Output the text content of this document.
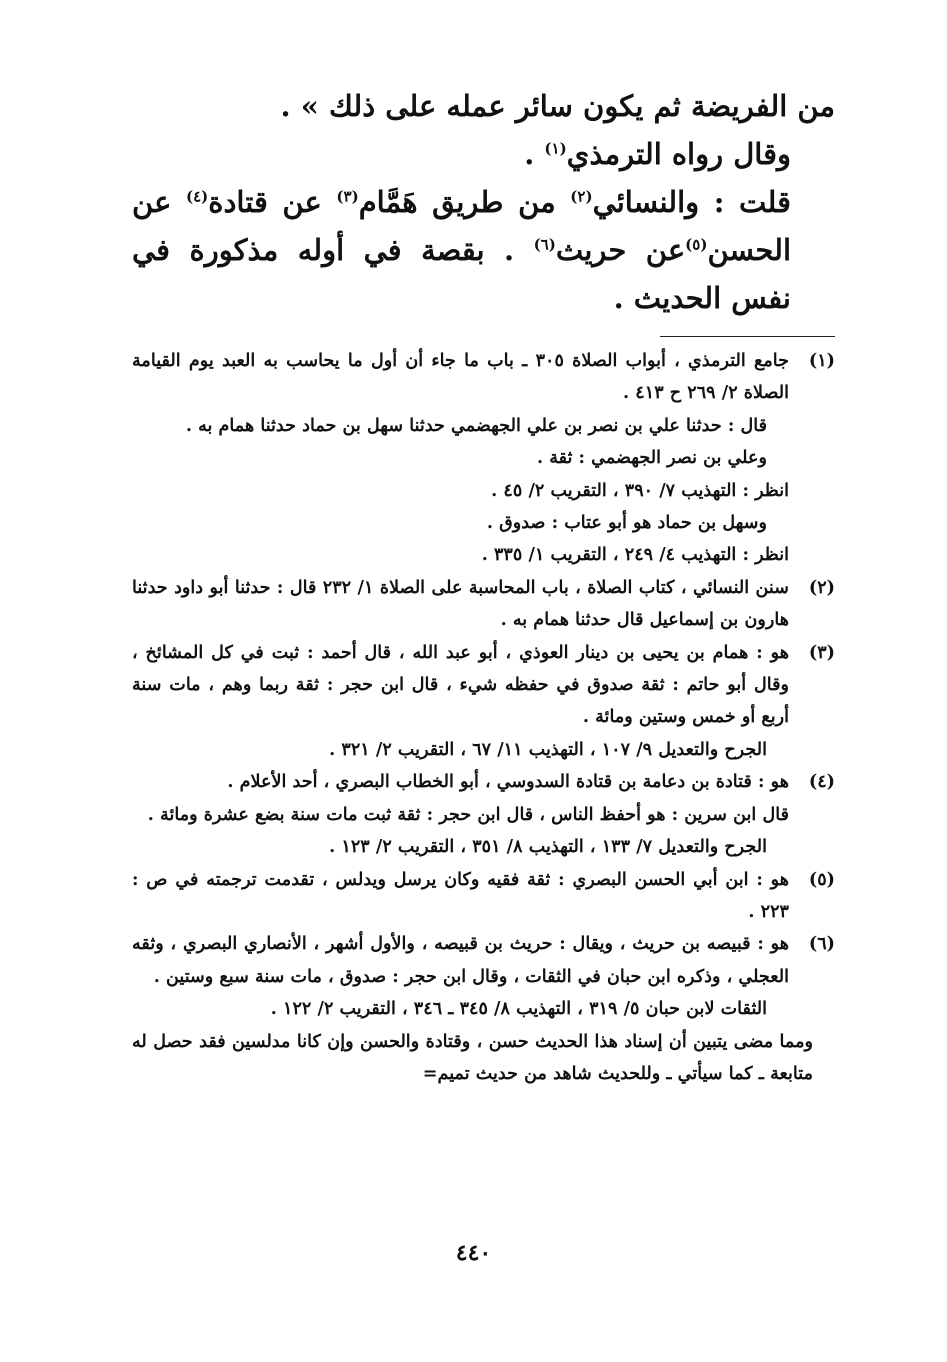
من الفريضة ثم يكون سائر عمله على ذلك » .

وقال رواه الترمذي$^{(١)}$ .

قلت : والنسائي$^{(٢)}$ من طريق هَمَّام$^{(٣)}$ عن قتادة$^{(٤)}$ عن الحسن$^{(٥)}$عن حريث$^{(٦)}$ . بقصة في أوله مذكورة في نفس الحديث .

(١)

جامع الترمذي ، أبواب الصلاة ٣٠٥ ـ باب ما جاء أن أول ما يحاسب به العبد يوم القيامة الصلاة ٢/ ٢٦٩ ح ٤١٣ .

قال : حدثنا علي بن نصر بن علي الجهضمي حدثنا سهل بن حماد حدثنا همام به .

وعلي بن نصر الجهضمي : ثقة .

انظر : التهذيب ٧/ ٣٩٠ ، التقريب ٢/ ٤٥ .

وسهل بن حماد هو أبو عتاب : صدوق .

انظر : التهذيب ٤/ ٢٤٩ ، التقريب ١/ ٣٣٥ .

(٢)

سنن النسائي ، كتاب الصلاة ، باب المحاسبة على الصلاة ١/ ٢٣٢ قال : حدثنا أبو داود حدثنا هارون بن إسماعيل قال حدثنا همام به .

(٣)

هو : همام بن يحيى بن دينار العوذي ، أبو عبد الله ، قال أحمد : ثبت في كل المشائخ ، وقال أبو حاتم : ثقة صدوق في حفظه شيء ، قال ابن حجر : ثقة ربما وهم ، مات سنة أربع أو خمس وستين ومائة .

الجرح والتعديل ٩/ ١٠٧ ، التهذيب ١١/ ٦٧ ، التقريب ٢/ ٣٢١ .

(٤)

هو : قتادة بن دعامة بن قتادة السدوسي ، أبو الخطاب البصري ، أحد الأعلام .

قال ابن سرين : هو أحفظ الناس ، قال ابن حجر : ثقة ثبت مات سنة بضع عشرة ومائة .

الجرح والتعديل ٧/ ١٣٣ ، التهذيب ٨/ ٣٥١ ، التقريب ٢/ ١٢٣ .

(٥)

هو : ابن أبي الحسن البصري : ثقة فقيه وكان يرسل ويدلس ، تقدمت ترجمته في ص : ٢٢٣ .

(٦)

هو : قبيصه بن حريث ، ويقال : حريث بن قبيصه ، والأول أشهر ، الأنصاري البصري ، وثقه العجلي ، وذكره ابن حبان في الثقات ، وقال ابن حجر : صدوق ، مات سنة سبع وستين .

الثقات لابن حبان ٥/ ٣١٩ ، التهذيب ٨/ ٣٤٥ ـ ٣٤٦ ، التقريب ٢/ ١٢٢ .

ومما مضى يتبين أن إسناد هذا الحديث حسن ، وقتادة والحسن وإن كانا مدلسين فقد حصل له متابعة ـ كما سيأتي ـ وللحديث شاهد من حديث تميم=

٤٤٠
